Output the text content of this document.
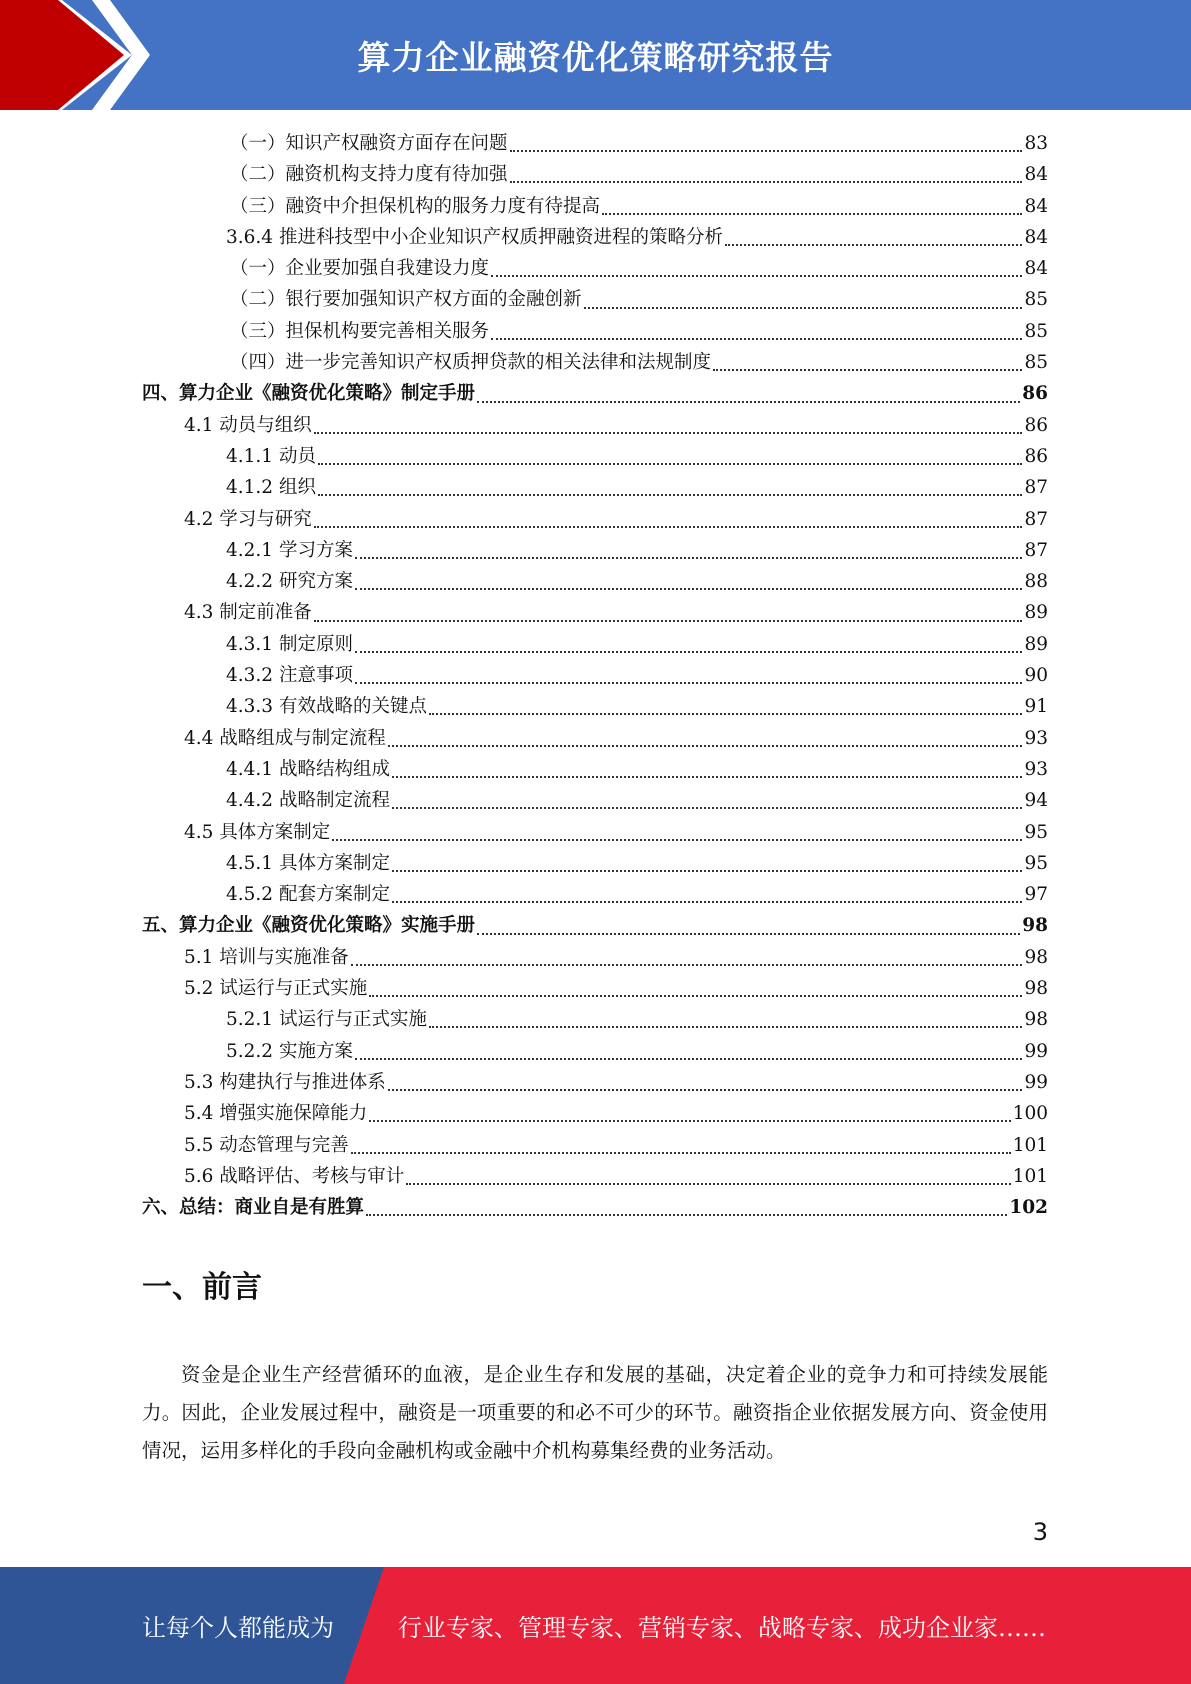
算力企业融资优化策略研究报告
（一）知识产权融资方面存在问题	83
（二）融资机构支持力度有待加强	84
（三）融资中介担保机构的服务力度有待提高	84
3.6.4 推进科技型中小企业知识产权质押融资进程的策略分析	84
（一）企业要加强自我建设力度	84
（二）银行要加强知识产权方面的金融创新	85
（三）担保机构要完善相关服务	85
（四）进一步完善知识产权质押贷款的相关法律和法规制度	85
四、算力企业《融资优化策略》制定手册	86
4.1 动员与组织	86
4.1.1 动员	86
4.1.2 组织	87
4.2 学习与研究	87
4.2.1 学习方案	87
4.2.2 研究方案	88
4.3 制定前准备	89
4.3.1 制定原则	89
4.3.2 注意事项	90
4.3.3 有效战略的关键点	91
4.4 战略组成与制定流程	93
4.4.1 战略结构组成	93
4.4.2 战略制定流程	94
4.5 具体方案制定	95
4.5.1 具体方案制定	95
4.5.2 配套方案制定	97
五、算力企业《融资优化策略》实施手册	98
5.1 培训与实施准备	98
5.2 试运行与正式实施	98
5.2.1 试运行与正式实施	98
5.2.2 实施方案	99
5.3 构建执行与推进体系	99
5.4 增强实施保障能力	100
5.5 动态管理与完善	101
5.6 战略评估、考核与审计	101
六、总结：商业自是有胜算	102
一、前言

资金是企业生产经营循环的血液，是企业生存和发展的基础，决定着企业的竞争力和可持续发展能力。因此，企业发展过程中，融资是一项重要的和必不可少的环节。融资指企业依据发展方向、资金使用情况，运用多样化的手段向金融机构或金融中介机构募集经费的业务活动。

3
让每个人都能成为	行业专家、管理专家、营销专家、战略专家、成功企业家……
